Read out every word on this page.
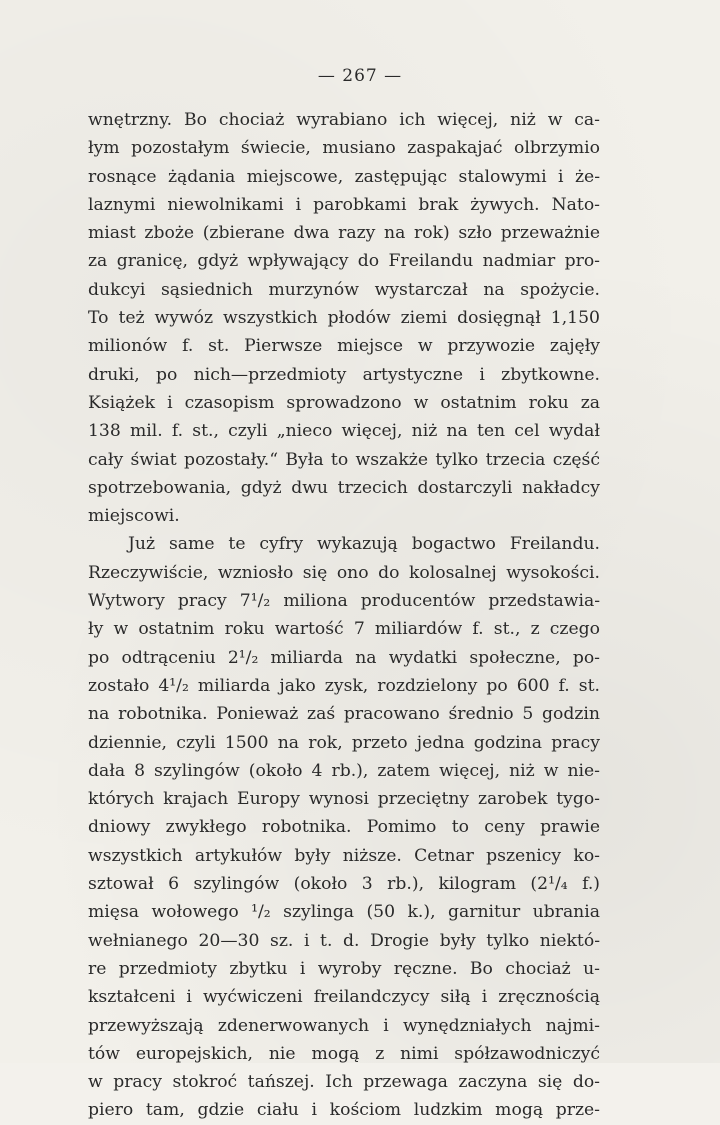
— 267 —
wnętrzny. Bo chociaż wyrabiano ich więcej, niż w ca-
łym pozostałym świecie, musiano zaspakajać olbrzymio
rosnące żądania miejscowe, zastępując stalowymi i że-
laznymi niewolnikami i parobkami brak żywych. Nato-
miast zboże (zbierane dwa razy na rok) szło przeważnie
za granicę, gdyż wpływający do Freilandu nadmiar pro-
dukcyi sąsiednich murzynów wystarczał na spożycie.
To też wywóz wszystkich płodów ziemi dosięgnął 1,150
milionów f. st. Pierwsze miejsce w przywozie zajęły
druki, po nich—przedmioty artystyczne i zbytkowne.
Książek i czasopism sprowadzono w ostatnim roku za
138 mil. f. st., czyli „nieco więcej, niż na ten cel wydał
cały świat pozostały.“ Była to wszakże tylko trzecia część
spotrzebowania, gdyż dwu trzecich dostarczyli nakładcy
miejscowi.
Już same te cyfry wykazują bogactwo Freilandu.
Rzeczywiście, wzniosło się ono do kolosalnej wysokości.
Wytwory pracy 7¹/₂ miliona producentów przedstawia-
ły w ostatnim roku wartość 7 miliardów f. st., z czego
po odtrąceniu 2¹/₂ miliarda na wydatki społeczne, po-
zostało 4¹/₂ miliarda jako zysk, rozdzielony po 600 f. st.
na robotnika. Ponieważ zaś pracowano średnio 5 godzin
dziennie, czyli 1500 na rok, przeto jedna godzina pracy
dała 8 szylingów (około 4 rb.), zatem więcej, niż w nie-
których krajach Europy wynosi przeciętny zarobek tygo-
dniowy zwykłego robotnika. Pomimo to ceny prawie
wszystkich artykułów były niższe. Cetnar pszenicy ko-
sztował 6 szylingów (około 3 rb.), kilogram (2¹/₄ f.)
mięsa wołowego ¹/₂ szylinga (50 k.), garnitur ubrania
wełnianego 20—30 sz. i t. d. Drogie były tylko niektó-
re przedmioty zbytku i wyroby ręczne. Bo chociaż u-
kształceni i wyćwiczeni freilandczycy siłą i zręcznością
przewyższają zdenerwowanych i wynędzniałych najmi-
tów europejskich, nie mogą z nimi spółzawodniczyć
w pracy stokroć tańszej. Ich przewaga zaczyna się do-
piero tam, gdzie ciału i kościom ludzkim mogą prze-
